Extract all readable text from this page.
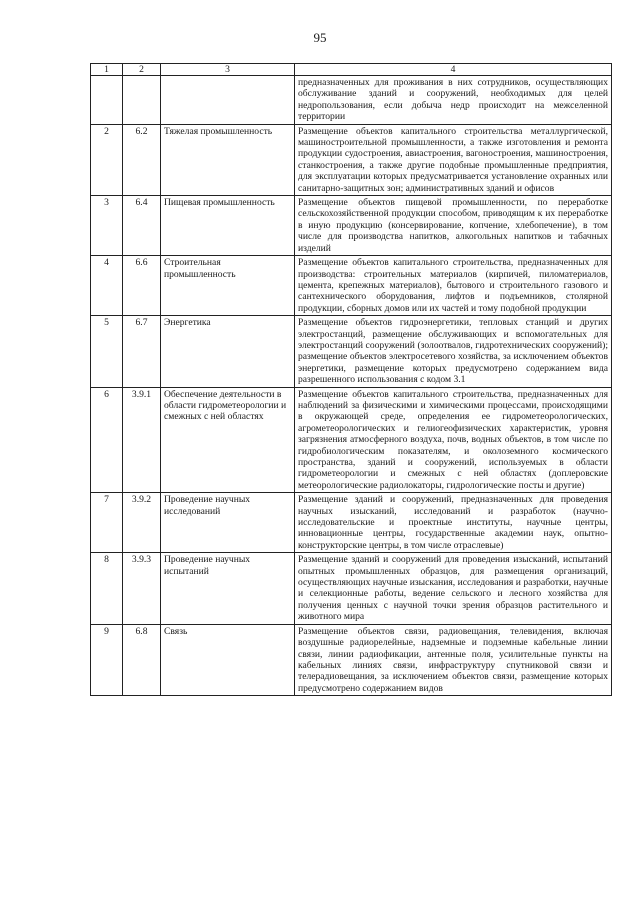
95
1	2	3	4
			предназначенных для проживания в них сотрудников, осуществляющих обслуживание зданий и сооружений, необходимых для целей недропользования, если добыча недр происходит на межселенной территории
2	6.2	Тяжелая промышленность	Размещение объектов капитального строительства металлургической, машиностроительной промышленности, а также изготовления и ремонта продукции судостроения, авиастроения, вагоностроения, машиностроения, станкостроения, а также другие подобные промышленные предприятия, для эксплуатации которых предусматривается установление охранных или санитарно-защитных зон; административных зданий и офисов
3	6.4	Пищевая промышленность	Размещение объектов пищевой промышленности, по переработке сельскохозяйственной продукции способом, приводящим к их переработке в иную продукцию (консервирование, копчение, хлебопечение), в том числе для производства напитков, алкогольных напитков и табачных изделий
4	6.6	Строительная промышленность	Размещение объектов капитального строительства, предназначенных для производства: строительных материалов (кирпичей, пиломатериалов, цемента, крепежных материалов), бытового и строительного газового и сантехнического оборудования, лифтов и подъемников, столярной продукции, сборных домов или их частей и тому подобной продукции
5	6.7	Энергетика	Размещение объектов гидроэнергетики, тепловых станций и других электростанций, размещение обслуживающих и вспомогательных для электростанций сооружений (золоотвалов, гидротехнических сооружений); размещение объектов электросетевого хозяйства, за исключением объектов энергетики, размещение которых предусмотрено содержанием вида разрешенного использования с кодом 3.1
6	3.9.1	Обеспечение деятельности в области гидрометеорологии и смежных с ней областях	Размещение объектов капитального строительства, предназначенных для наблюдений за физическими и химическими процессами, происходящими в окружающей среде, определения ее гидрометеорологических, агрометеорологических и гелиогеофизических характеристик, уровня загрязнения атмосферного воздуха, почв, водных объектов, в том числе по гидробиологическим показателям, и околоземного космического пространства, зданий и сооружений, используемых в области гидрометеорологии и смежных с ней областях (доплеровские метеорологические радиолокаторы, гидрологические посты и другие)
7	3.9.2	Проведение научных исследований	Размещение зданий и сооружений, предназначенных для проведения научных изысканий, исследований и разработок (научно-исследовательские и проектные институты, научные центры, инновационные центры, государственные академии наук, опытно-конструкторские центры, в том числе отраслевые)
8	3.9.3	Проведение научных испытаний	Размещение зданий и сооружений для проведения изысканий, испытаний опытных промышленных образцов, для размещения организаций, осуществляющих научные изыскания, исследования и разработки, научные и селекционные работы, ведение сельского и лесного хозяйства для получения ценных с научной точки зрения образцов растительного и животного мира
9	6.8	Связь	Размещение объектов связи, радиовещания, телевидения, включая воздушные радиорелейные, надземные и подземные кабельные линии связи, линии радиофикации, антенные поля, усилительные пункты на кабельных линиях связи, инфраструктуру спутниковой связи и телерадиовещания, за исключением объектов связи, размещение которых предусмотрено содержанием видов
